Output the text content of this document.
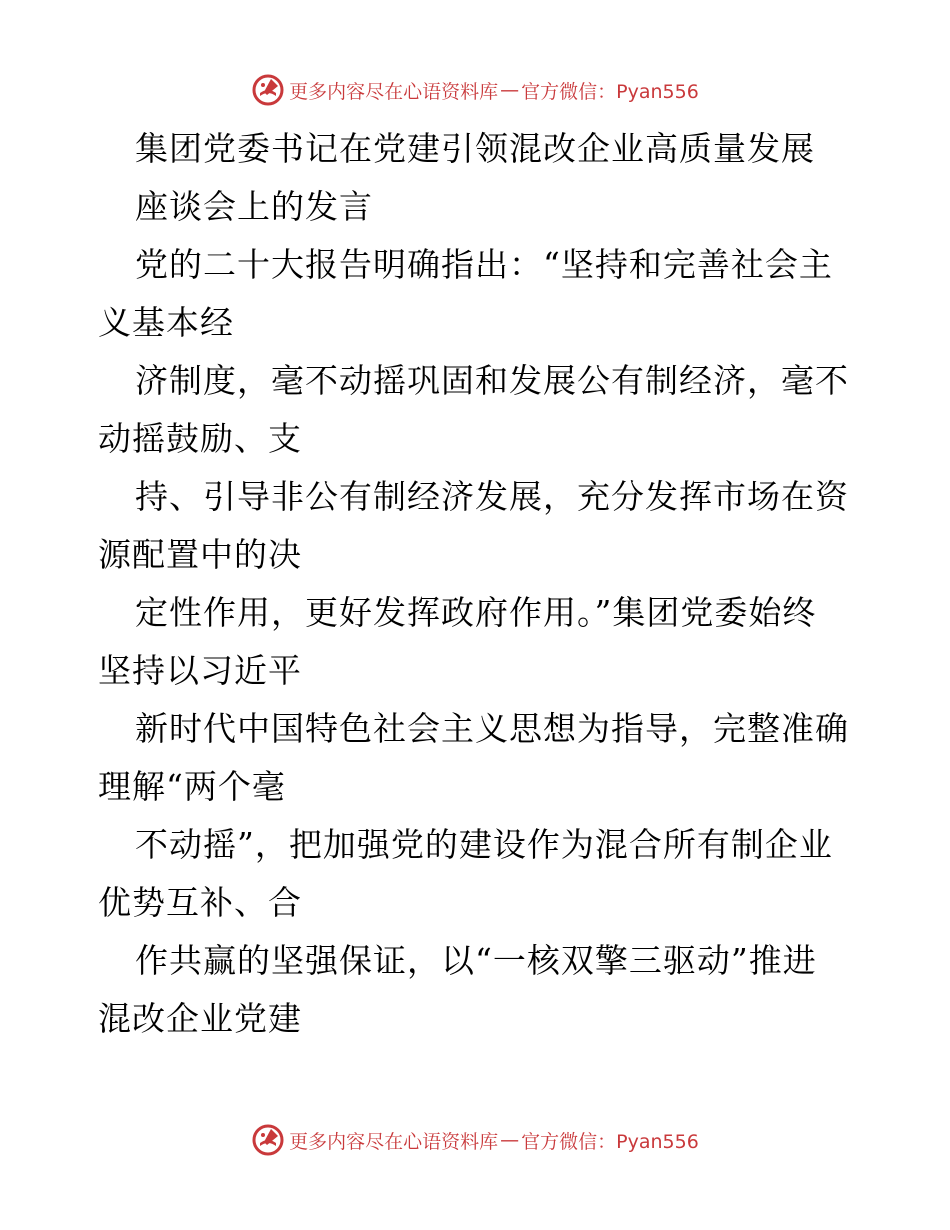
更多内容尽在心语资料库 — 官方微信：Pyan556
集团党委书记在党建引领混改企业高质量发展
座谈会上的发言
党的二十大报告明确指出：“坚持和完善社会主
义基本经
济制度，毫不动摇巩固和发展公有制经济，毫不
动摇鼓励、支
持、引导非公有制经济发展，充分发挥市场在资
源配置中的决
定性作用，更好发挥政府作用。”集团党委始终
坚持以习近平
新时代中国特色社会主义思想为指导，完整准确
理解“两个毫
不动摇”，把加强党的建设作为混合所有制企业
优势互补、合
作共赢的坚强保证，以“一核双擎三驱动”推进
混改企业党建
更多内容尽在心语资料库 — 官方微信：Pyan556
